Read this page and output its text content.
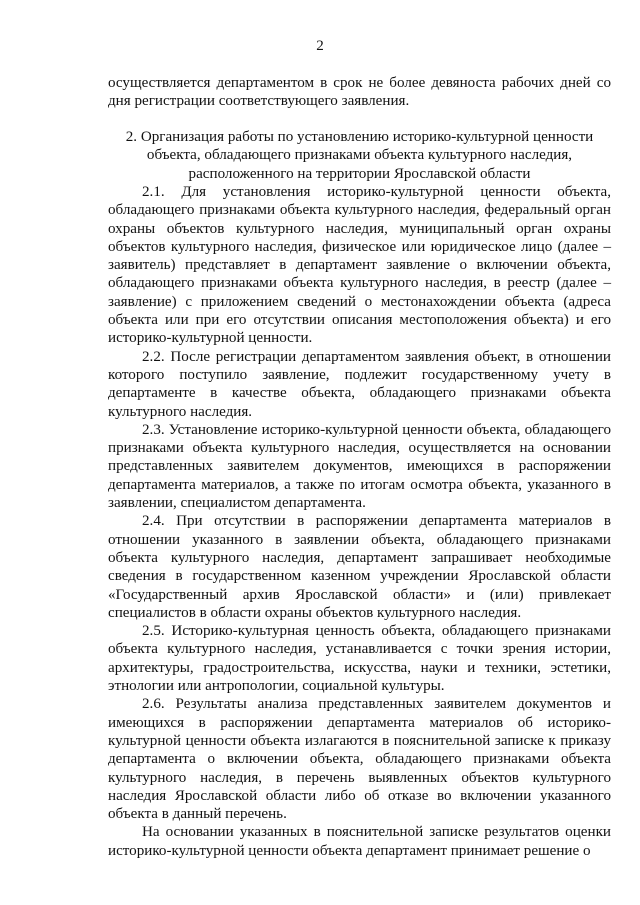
2

осуществляется департаментом в срок не более девяноста рабочих дней со дня регистрации соответствующего заявления.

2. Организация работы по установлению историко-культурной ценности объекта, обладающего признаками объекта культурного наследия, расположенного на территории Ярославской области

2.1. Для установления историко-культурной ценности объекта, обладающего признаками объекта культурного наследия, федеральный орган охраны объектов культурного наследия, муниципальный орган охраны объектов культурного наследия, физическое или юридическое лицо (далее – заявитель) представляет в департамент заявление о включении объекта, обладающего признаками объекта культурного наследия, в реестр (далее – заявление) с приложением сведений о местонахождении объекта (адреса объекта или при его отсутствии описания местоположения объекта) и его историко-культурной ценности.

2.2. После регистрации департаментом заявления объект, в отношении которого поступило заявление, подлежит государственному учету в департаменте в качестве объекта, обладающего признаками объекта культурного наследия.

2.3. Установление историко-культурной ценности объекта, обладающего признаками объекта культурного наследия, осуществляется на основании представленных заявителем документов, имеющихся в распоряжении департамента материалов, а также по итогам осмотра объекта, указанного в заявлении, специалистом департамента.

2.4. При отсутствии в распоряжении департамента материалов в отношении указанного в заявлении объекта, обладающего признаками объекта культурного наследия, департамент запрашивает необходимые сведения в государственном казенном учреждении Ярославской области «Государственный архив Ярославской области» и (или) привлекает специалистов в области охраны объектов культурного наследия.

2.5. Историко-культурная ценность объекта, обладающего признаками объекта культурного наследия, устанавливается с точки зрения истории, архитектуры, градостроительства, искусства, науки и техники, эстетики, этнологии или антропологии, социальной культуры.

2.6. Результаты анализа представленных заявителем документов и имеющихся в распоряжении департамента материалов об историко-культурной ценности объекта излагаются в пояснительной записке к приказу департамента о включении объекта, обладающего признаками объекта культурного наследия, в перечень выявленных объектов культурного наследия Ярославской области либо об отказе во включении указанного объекта в данный перечень.

На основании указанных в пояснительной записке результатов оценки историко-культурной ценности объекта департамент принимает решение о
